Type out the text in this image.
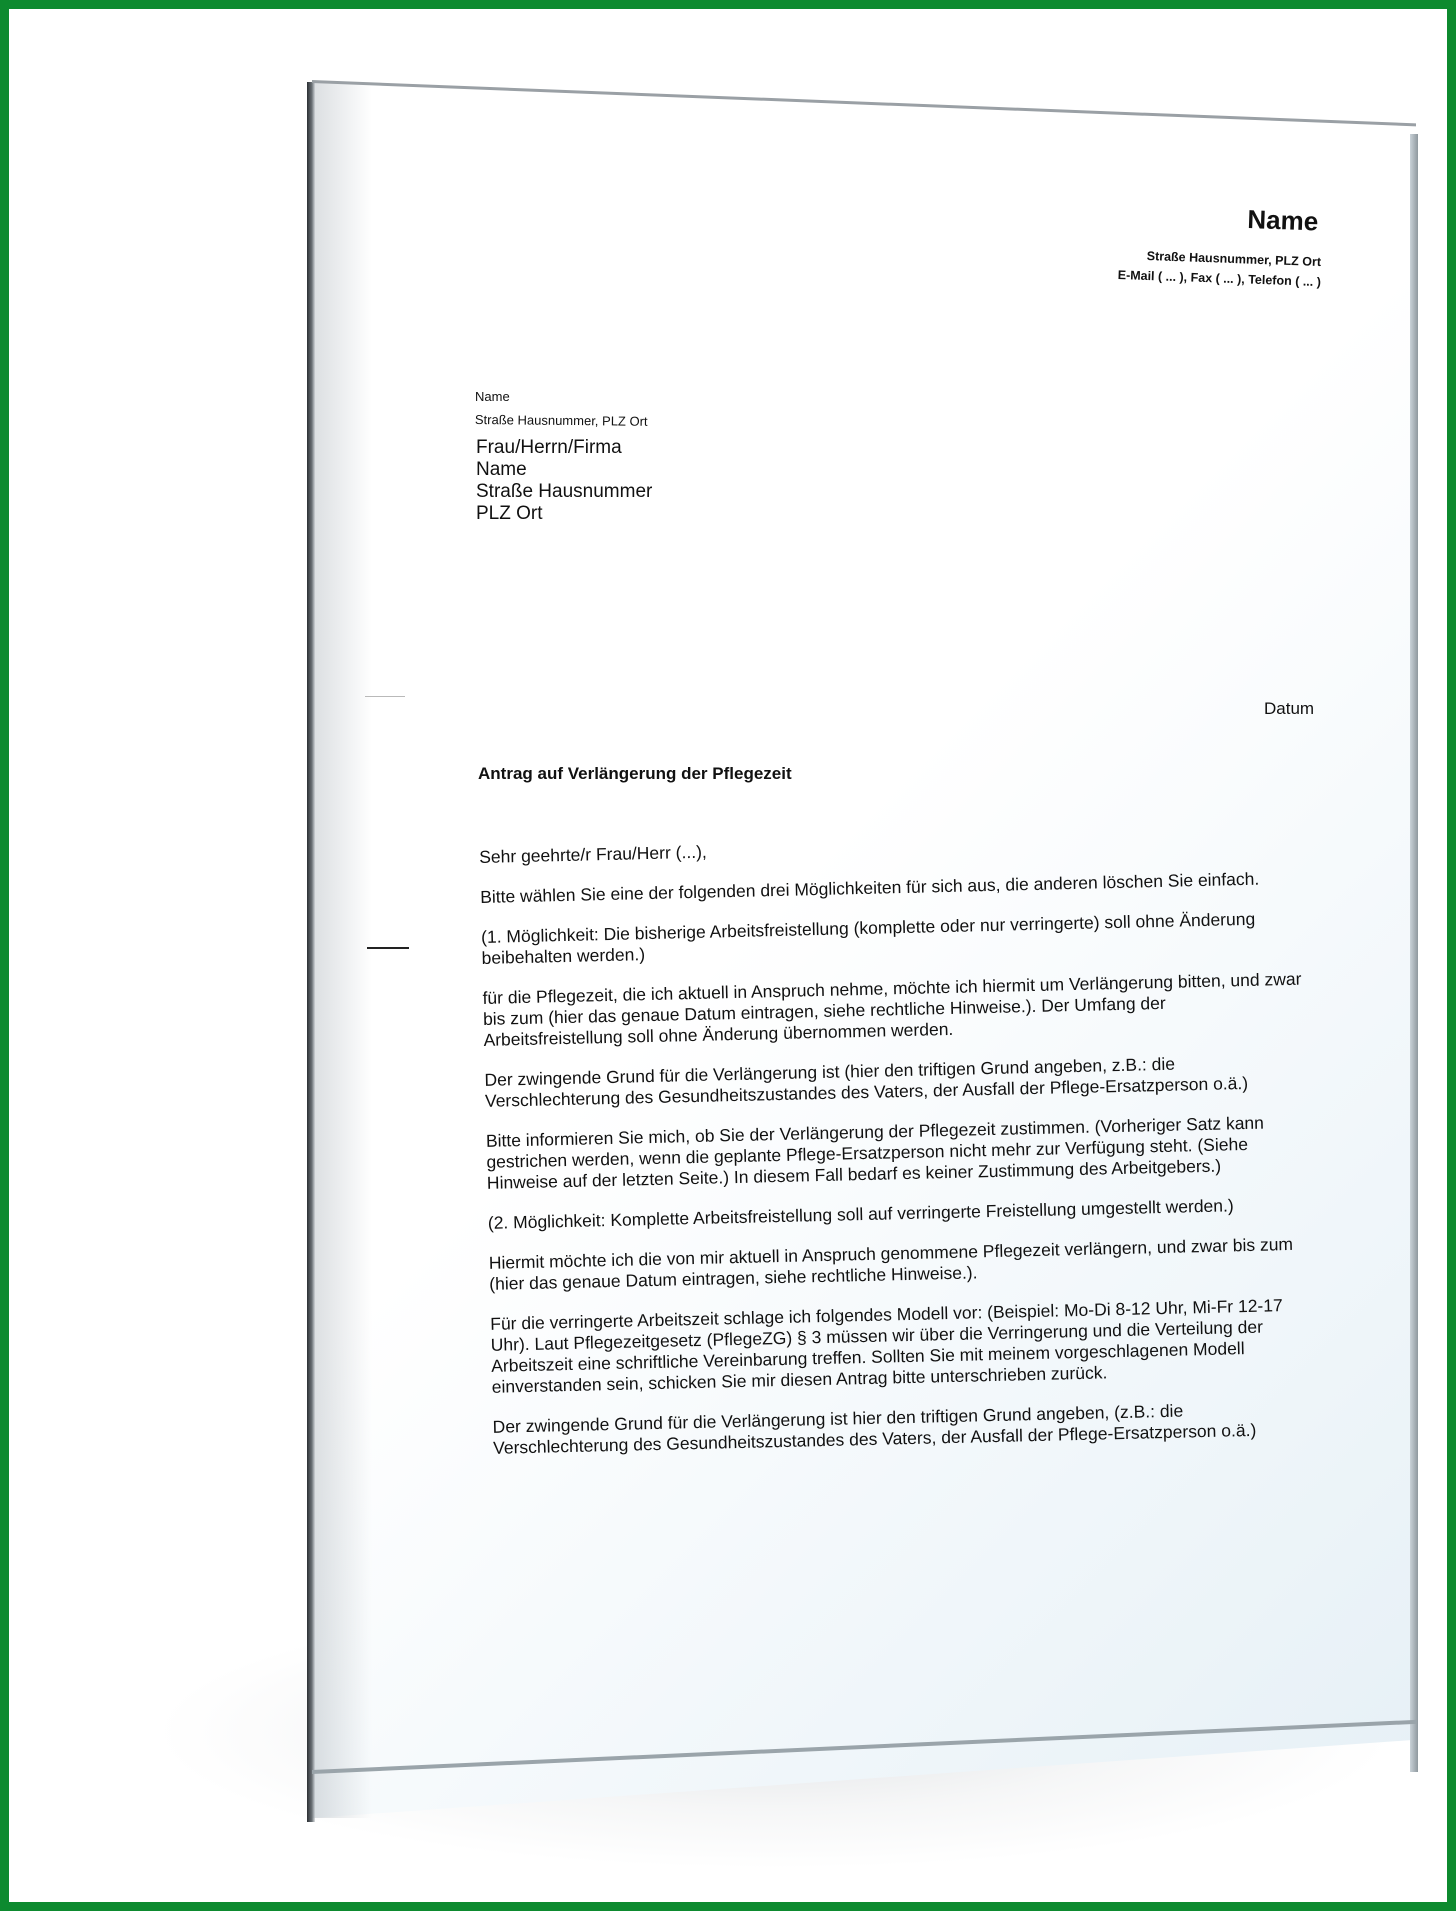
Name
Straße Hausnummer, PLZ Ort
E-Mail ( ... ), Fax ( ... ), Telefon ( ... )
Name
Straße Hausnummer, PLZ Ort
Frau/Herrn/Firma
Name
Straße Hausnummer
PLZ Ort
Datum
Antrag auf Verlängerung der Pflegezeit

Sehr geehrte/r Frau/Herr (...),

Bitte wählen Sie eine der folgenden drei Möglichkeiten für sich aus, die anderen löschen Sie einfach.

(1. Möglichkeit: Die bisherige Arbeitsfreistellung (komplette oder nur verringerte) soll ohne Änderung beibehalten werden.)

für die Pflegezeit, die ich aktuell in Anspruch nehme, möchte ich hiermit um Verlängerung bitten, und zwar bis zum (hier das genaue Datum eintragen, siehe rechtliche Hinweise.). Der Umfang der Arbeitsfreistellung soll ohne Änderung übernommen werden.

Der zwingende Grund für die Verlängerung ist (hier den triftigen Grund angeben, z.B.: die Verschlechterung des Gesundheitszustandes des Vaters, der Ausfall der Pflege-Ersatzperson o.ä.)

Bitte informieren Sie mich, ob Sie der Verlängerung der Pflegezeit zustimmen. (Vorheriger Satz kann gestrichen werden, wenn die geplante Pflege-Ersatzperson nicht mehr zur Verfügung steht. (Siehe Hinweise auf der letzten Seite.) In diesem Fall bedarf es keiner Zustimmung des Arbeitgebers.)

(2. Möglichkeit: Komplette Arbeitsfreistellung soll auf verringerte Freistellung umgestellt werden.)

Hiermit möchte ich die von mir aktuell in Anspruch genommene Pflegezeit verlängern, und zwar bis zum (hier das genaue Datum eintragen, siehe rechtliche Hinweise.).

Für die verringerte Arbeitszeit schlage ich folgendes Modell vor: (Beispiel: Mo-Di 8-12 Uhr, Mi-Fr 12-17 Uhr). Laut Pflegezeitgesetz (PflegeZG) § 3 müssen wir über die Verringerung und die Verteilung der Arbeitszeit eine schriftliche Vereinbarung treffen. Sollten Sie mit meinem vorgeschlagenen Modell einverstanden sein, schicken Sie mir diesen Antrag bitte unterschrieben zurück.

Der zwingende Grund für die Verlängerung ist hier den triftigen Grund angeben, (z.B.: die Verschlechterung des Gesundheitszustandes des Vaters, der Ausfall der Pflege-Ersatzperson o.ä.)
